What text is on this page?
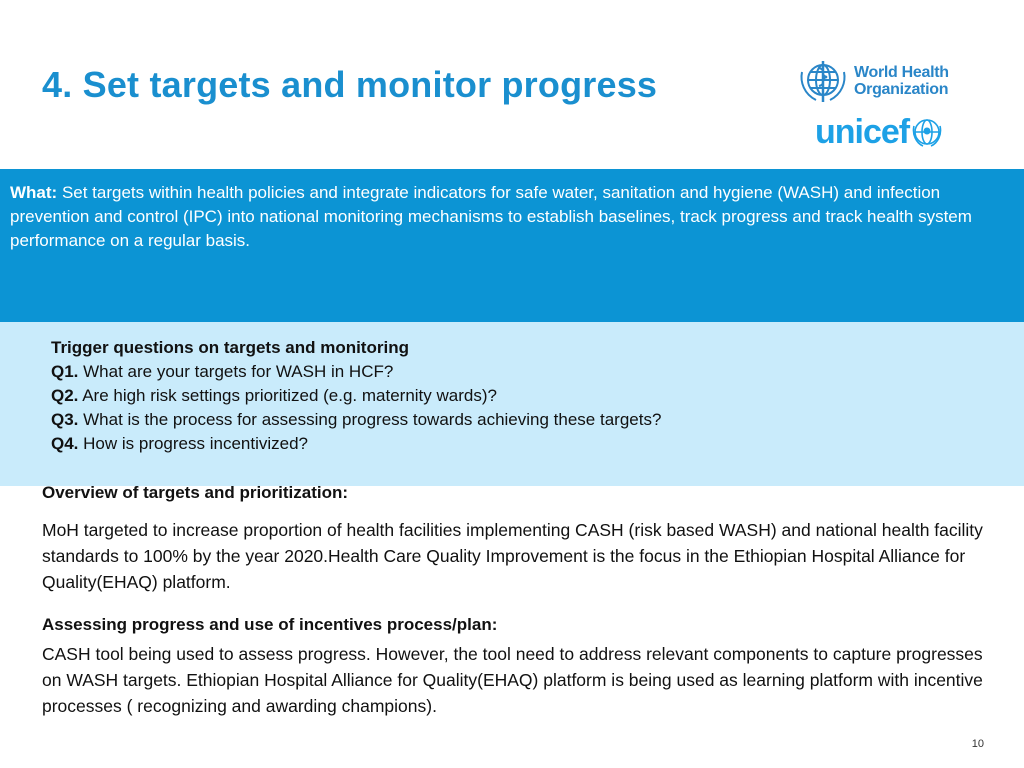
4. Set targets and monitor progress	World Health
Organization
unicef

What: Set targets within health policies and integrate indicators for safe water, sanitation and hygiene (WASH) and infection prevention and control (IPC) into national monitoring mechanisms to establish baselines, track progress and track health system performance on a regular basis.

Trigger questions on targets and monitoring
Q1. What are your targets for WASH in HCF?
Q2. Are high risk settings prioritized (e.g. maternity wards)?
Q3. What is the process for assessing progress towards achieving these targets?
Q4. How is progress incentivized?
Overview of targets and prioritization:

MoH targeted to increase proportion of health facilities implementing CASH (risk based WASH) and national health facility standards to 100% by the year 2020.Health Care Quality Improvement is the focus in the Ethiopian Hospital Alliance for Quality(EHAQ) platform.

Assessing progress and use of incentives process/plan:

CASH tool being used to assess progress. However, the tool need to address relevant components to capture progresses on WASH targets. Ethiopian Hospital Alliance for Quality(EHAQ) platform is being used as learning platform with incentive processes ( recognizing and awarding champions).

10
